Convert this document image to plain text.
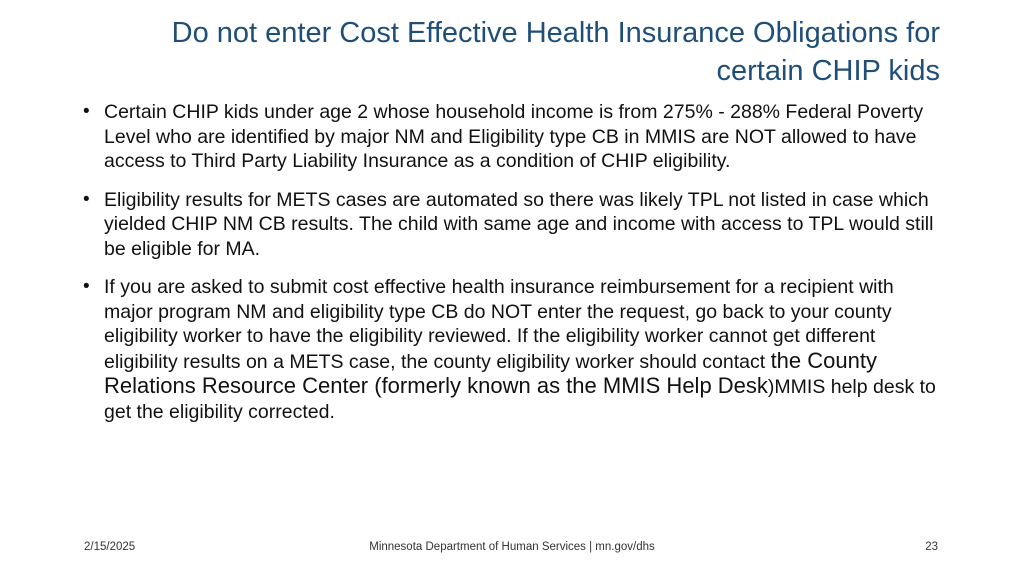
Do not enter Cost Effective Health Insurance Obligations for
certain CHIP kids
• Certain CHIP kids under age 2 whose household income is from 275% - 288% Federal Poverty Level who are identified by major NM and Eligibility type CB in MMIS are NOT allowed to have access to Third Party Liability Insurance as a condition of CHIP eligibility.
• Eligibility results for METS cases are automated so there was likely TPL not listed in case which yielded CHIP NM CB results. The child with same age and income with access to TPL would still be eligible for MA.
• If you are asked to submit cost effective health insurance reimbursement for a recipient with major program NM and eligibility type CB do NOT enter the request, go back to your county eligibility worker to have the eligibility reviewed. If the eligibility worker cannot get different eligibility results on a METS case, the county eligibility worker should contact the County Relations Resource Center (formerly known as the MMIS Help Desk)MMIS help desk to get the eligibility corrected.
2/15/2025	Minnesota Department of Human Services | mn.gov/dhs	23
